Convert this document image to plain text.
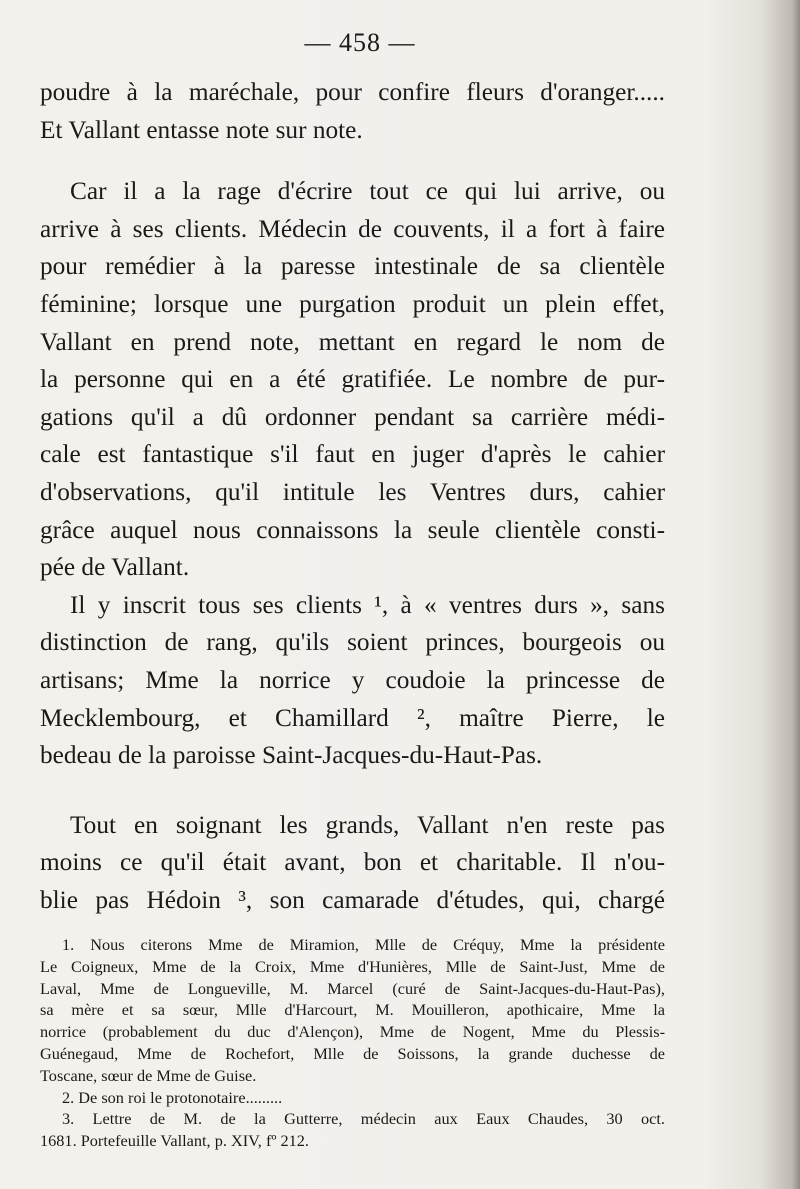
— 458 —
poudre à la maréchale, pour confire fleurs d'oranger.....
Et Vallant entasse note sur note.
Car il a la rage d'écrire tout ce qui lui arrive, ou
arrive à ses clients. Médecin de couvents, il a fort à faire
pour remédier à la paresse intestinale de sa clientèle
féminine; lorsque une purgation produit un plein effet,
Vallant en prend note, mettant en regard le nom de
la personne qui en a été gratifiée. Le nombre de pur-
gations qu'il a dû ordonner pendant sa carrière médi-
cale est fantastique s'il faut en juger d'après le cahier
d'observations, qu'il intitule les Ventres durs, cahier
grâce auquel nous connaissons la seule clientèle consti-
pée de Vallant.
Il y inscrit tous ses clients ¹, à « ventres durs », sans
distinction de rang, qu'ils soient princes, bourgeois ou
artisans; Mme la norrice y coudoie la princesse de
Mecklembourg, et Chamillard ², maître Pierre, le
bedeau de la paroisse Saint-Jacques-du-Haut-Pas.
Tout en soignant les grands, Vallant n'en reste pas
moins ce qu'il était avant, bon et charitable. Il n'ou-
blie pas Hédoin ³, son camarade d'études, qui, chargé
1. Nous citerons Mme de Miramion, Mlle de Créquy, Mme la présidente
Le Coigneux, Mme de la Croix, Mme d'Hunières, Mlle de Saint-Just, Mme de
Laval, Mme de Longueville, M. Marcel (curé de Saint-Jacques-du-Haut-Pas),
sa mère et sa sœur, Mlle d'Harcourt, M. Mouilleron, apothicaire, Mme la
norrice (probablement du duc d'Alençon), Mme de Nogent, Mme du Plessis-
Guénegaud, Mme de Rochefort, Mlle de Soissons, la grande duchesse de
Toscane, sœur de Mme de Guise.
2. De son roi le protonotaire.........
3. Lettre de M. de la Gutterre, médecin aux Eaux Chaudes, 30 oct.
1681. Portefeuille Vallant, p. XIV, fº 212.
